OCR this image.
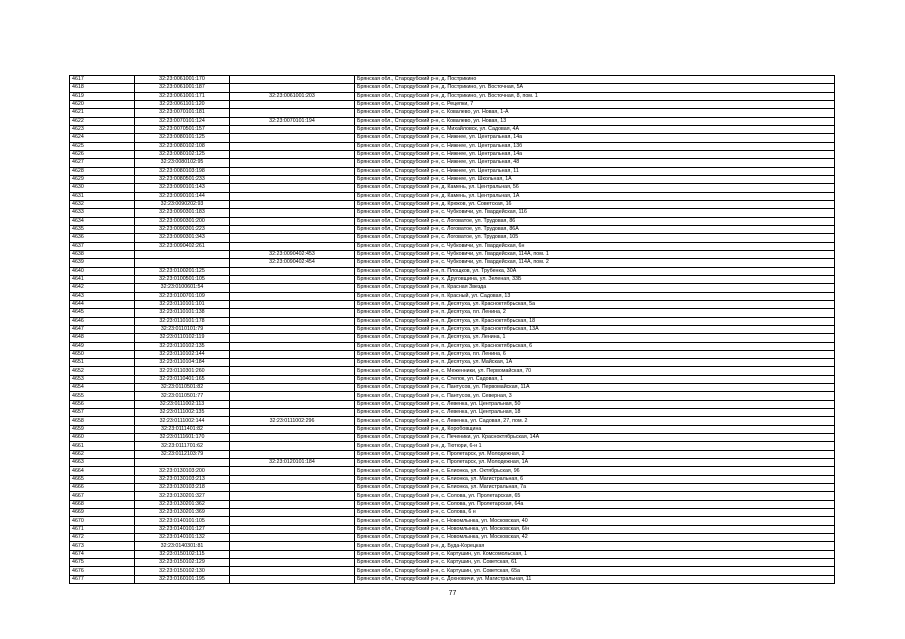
4617	32:23:0061001:170		Брянская обл., Стародубский р-н, д. Пострикино
4618	32:23:0061001:187		Брянская обл., Стародубский р-н, д. Пострикино, ул. Восточная, 5А
4619	32:23:0061001:171	32:23:0061001:203	Брянская обл., Стародубский р-н, д. Пострикино, ул. Восточная, 8, пом. 1
4620	32:23:0061101:120		Брянская обл., Стародубский р-н, с. Рецепки, 7
4621	32:23:0070101:181		Брянская обл., Стародубский р-н, с. Ковалево, ул. Новая, 1-А
4622	32:23:0070101:124	32:23:0070101:194	Брянская обл., Стародубский р-н, с. Ковалево, ул. Новая, 13
4623	32:23:0070501:157		Брянская обл., Стародубский р-н, с. Михайловск, ул. Садовая, 4А
4624	32:23:0080101:125		Брянская обл., Стародубский р-н, с. Нижнее, ул. Центральная, 14а
4625	32:23:0080102:108		Брянская обл., Стародубский р-н, с. Нижнее, ул. Центральная, 13б
4626	32:23:0080102:125		Брянская обл., Стародубский р-н, с. Нижнее, ул. Центральная, 14а
4627	32:23:0080102:95		Брянская обл., Стародубский р-н, с. Нижнее, ул. Центральная, 48
4628	32:23:0080103:198		Брянская обл., Стародубский р-н, с. Нижнее, ул. Центральная, 11
4629	32:23:0080501:233		Брянская обл., Стародубский р-н, с. Нижнее, ул. Школьная, 1А
4630	32:23:0090101:143		Брянская обл., Стародубский р-н, д. Камень, ул. Центральная, 56
4631	32:23:0090101:144		Брянская обл., Стародубский р-н, д. Камень, ул. Центральная, 1А
4632	32:23:0090202:93		Брянская обл., Стародубский р-н, д. Крюков, ул. Советская, 16
4633	32:23:0090301:183		Брянская обл., Стародубский р-н, с. Чубковичи, ул. Гвардейская, 116
4634	32:23:0090301:200		Брянская обл., Стародубский р-н, с. Логоватое, ул. Трудовая, 86
4635	32:23:0090301:223		Брянская обл., Стародубский р-н, с. Логоватое, ул. Трудовая, 86А
4636	32:23:0090301:343		Брянская обл., Стародубский р-н, с. Логоватое, ул. Трудовая, 105
4637	32:23:0090402:261		Брянская обл., Стародубский р-н, с. Чубковичи, ул. Гвардейская, 6н
4638		32:23:0090402:453	Брянская обл., Стародубский р-н, с. Чубковичи, ул. Гвардейская, 114А, пом. 1
4639		32:23:0090402:454	Брянская обл., Стародубский р-н, с. Чубковичи, ул. Гвардейская, 114А, пом. 2
4640	32:23:0100201:125		Брянская обл., Стародубский р-н, п. Площков, ул. Трубенка, 30А
4641	32:23:0100501:105		Брянская обл., Стародубский р-н, х. Друговщина, ул. Зеленая, 33Б
4642	32:23:0100601:54		Брянская обл., Стародубский р-н, п. Красная Звезда
4643	32:23:0100701:109		Брянская обл., Стародубский р-н, п. Красный, ул. Садовая, 13
4644	32:23:0110101:101		Брянская обл., Стародубский р-н, п. Десятуха, ул. Красноктябрьская, 5а
4645	32:23:0110101:138		Брянская обл., Стародубский р-н, п. Десятуха, пл. Ленина, 2
4646	32:23:0110101:178		Брянская обл., Стародубский р-н, п. Десятуха, ул. Красноктябрьская, 18
4647	32:23:0110101:79		Брянская обл., Стародубский р-н, п. Десятуха, ул. Красноктябрьская, 13А
4648	32:23:0110102:119		Брянская обл., Стародубский р-н, п. Десятуха, ул. Ленина, 1
4649	32:23:0110102:135		Брянская обл., Стародубский р-н, п. Десятуха, ул. Красноктябрьская, 6
4650	32:23:0110102:144		Брянская обл., Стародубский р-н, п. Десятуха, пл. Ленина, 6
4651	32:23:0110104:184		Брянская обл., Стародубский р-н, п. Десятуха, ул. Майская, 1А
4652	32:23:0110301:260		Брянская обл., Стародубский р-н, с. Меженники, ул. Первомайская, 70
4653	32:23:0110401:165		Брянская обл., Стародубский р-н, с. Степок, ул. Садовая, 1
4654	32:23:0110501:82		Брянская обл., Стародубский р-н, с. Пантусов, ул. Первомайская, 11А
4655	32:23:0110501:77		Брянская обл., Стародубский р-н, с. Пантусов, ул. Северная, 3
4656	32:23:0111002:113		Брянская обл., Стародубский р-н, с. Левенка, ул. Центральная, 50
4657	32:23:0111002:135		Брянская обл., Стародубский р-н, с. Левенка, ул. Центральная, 18
4658	32:23:0111002:144	32:23:0111002:296	Брянская обл., Стародубский р-н, с. Левенка, ул. Садовая, 27, пом. 2
4659	32:23:0111401:82		Брянская обл., Стародубский р-н, д. Коробовщина
4660	32:23:0111601:170		Брянская обл., Стародубский р-н, с. Печеники, ул. Красноктябрьская, 14А
4661	32:23:0111701:62		Брянская обл., Стародубский р-н, д. Тютюри, 6-н 1
4662	32:23:0112103:79		Брянская обл., Стародубский р-н, с. Пролетарск, ул. Молодежная, 2
4663		32:23:0120101:184	Брянская обл., Стародубский р-н, с. Пролетарск, ул. Молодежная, 1А
4664	32:23:0130103:200		Брянская обл., Стародубский р-н, с. Елионка, ул. Октябрьская, 96
4665	32:23:0130103:213		Брянская обл., Стародубский р-н, с. Елионка, ул. Магистральная, 6
4666	32:23:0130103:218		Брянская обл., Стародубский р-н, с. Елионка, ул. Магистральная, 7а
4667	32:23:0130201:327		Брянская обл., Стародубский р-н, с. Солова, ул. Пролетарская, 65
4668	32:23:0130201:362		Брянская обл., Стародубский р-н, с. Солова, ул. Пролетарская, 64а
4669	32:23:0130201:369		Брянская обл., Стародубский р-н, с. Солова, 6 н
4670	32:23:0140101:105		Брянская обл., Стародубский р-н, с. Новомлынка, ул. Московская, 40
4671	32:23:0140101:127		Брянская обл., Стародубский р-н, с. Новомлынка, ул. Московская, 6/н
4672	32:23:0140101:132		Брянская обл., Стародубский р-н, с. Новомлынка, ул. Московская, 42
4673	32:23:0140301:81		Брянская обл., Стародубский р-н, д. Буда-Корецкая
4674	32:23:0150102:115		Брянская обл., Стародубский р-н, с. Картушин, ул. Комсомольская, 1
4675	32:23:0150102:129		Брянская обл., Стародубский р-н, с. Картушин, ул. Советская, 61
4676	32:23:0150102:130		Брянская обл., Стародубский р-н, с. Картушин, ул. Советская, 65а
4677	32:23:0160101:195		Брянская обл., Стародубский р-н, с. Дохновичи, ул. Магистральная, 11
77
